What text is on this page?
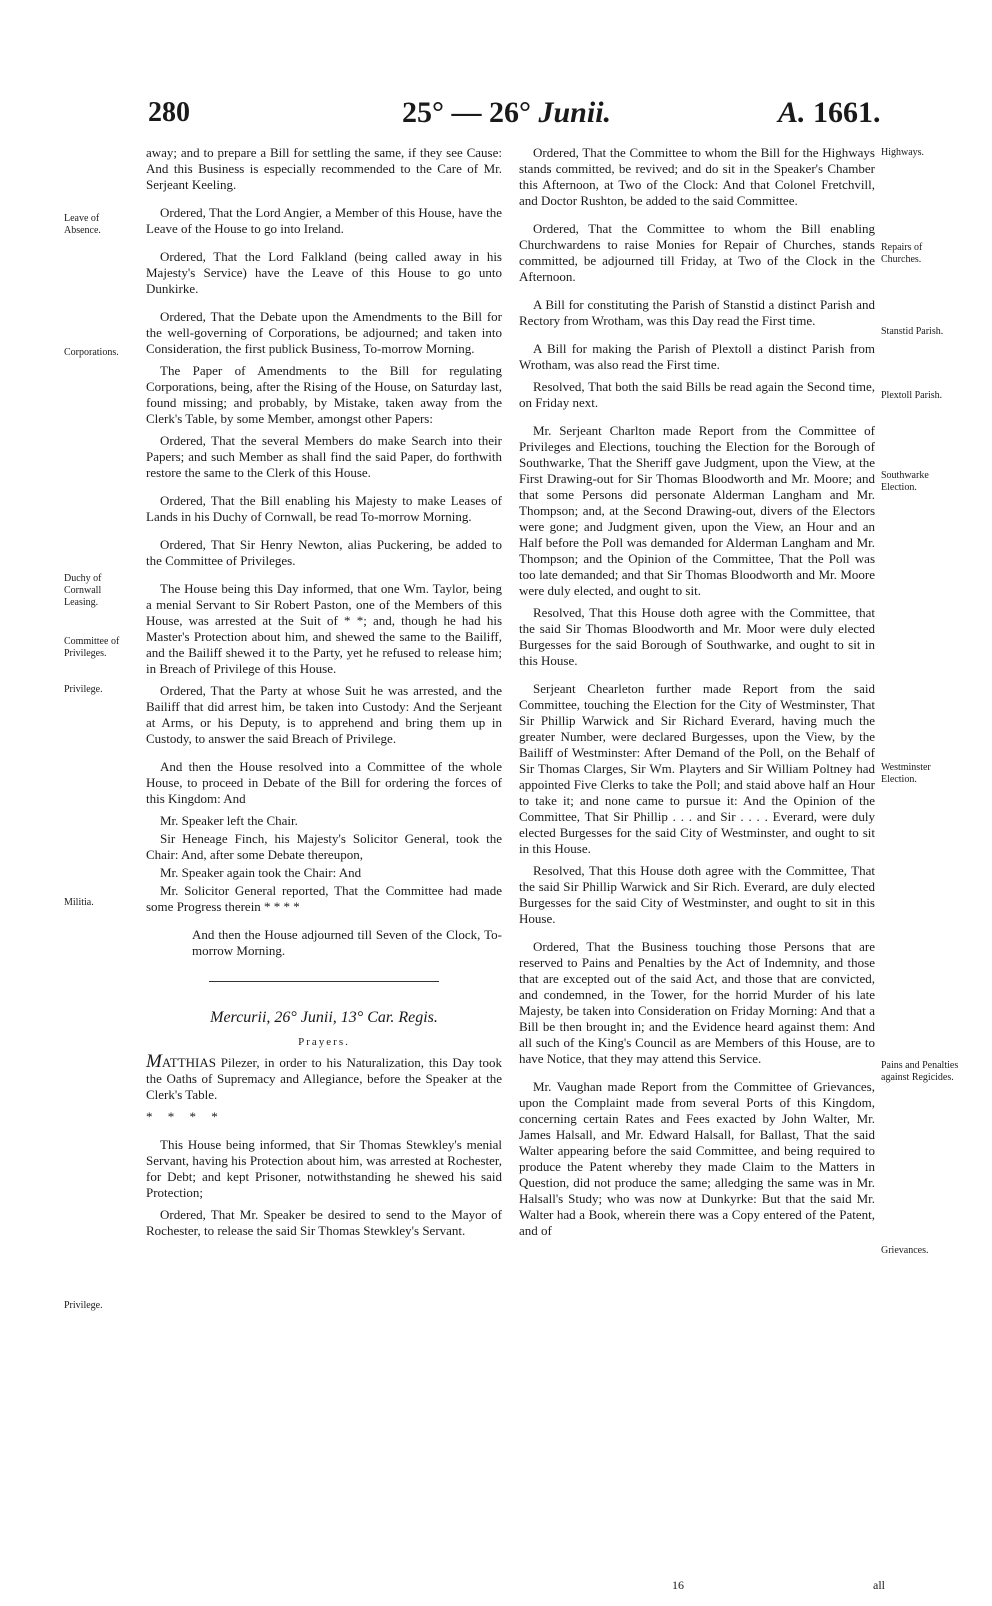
280	25° — 26° Junii.	A. 1661.
Leave of Absence.
Corporations.
Duchy of Cornwall Leasing.
Committee of Privileges.
Privilege.
Militia.
Privilege.
Highways.
Repairs of Churches.
Stanstid Parish.
Plextoll Parish.
Southwarke Election.
Westminster Election.
Pains and Penalties against Regicides.
Grievances.

away; and to prepare a Bill for settling the same, if they see Cause: And this Business is especially recommended to the Care of Mr. Serjeant Keeling.

Ordered, That the Lord Angier, a Member of this House, have the Leave of the House to go into Ireland.

Ordered, That the Lord Falkland (being called away in his Majesty's Service) have the Leave of this House to go unto Dunkirke.

Ordered, That the Debate upon the Amendments to the Bill for the well-governing of Corporations, be adjourned; and taken into Consideration, the first publick Business, To-morrow Morning.

The Paper of Amendments to the Bill for regulating Corporations, being, after the Rising of the House, on Saturday last, found missing; and probably, by Mistake, taken away from the Clerk's Table, by some Member, amongst other Papers:

Ordered, That the several Members do make Search into their Papers; and such Member as shall find the said Paper, do forthwith restore the same to the Clerk of this House.

Ordered, That the Bill enabling his Majesty to make Leases of Lands in his Duchy of Cornwall, be read To-morrow Morning.

Ordered, That Sir Henry Newton, alias Puckering, be added to the Committee of Privileges.

The House being this Day informed, that one Wm. Taylor, being a menial Servant to Sir Robert Paston, one of the Members of this House, was arrested at the Suit of * *; and, though he had his Master's Protection about him, and shewed the same to the Bailiff, and the Bailiff shewed it to the Party, yet he refused to release him; in Breach of Privilege of this House.

Ordered, That the Party at whose Suit he was arrested, and the Bailiff that did arrest him, be taken into Custody: And the Serjeant at Arms, or his Deputy, is to apprehend and bring them up in Custody, to answer the said Breach of Privilege.

And then the House resolved into a Committee of the whole House, to proceed in Debate of the Bill for ordering the forces of this Kingdom: And

Mr. Speaker left the Chair.

Sir Heneage Finch, his Majesty's Solicitor General, took the Chair: And, after some Debate thereupon,

Mr. Speaker again took the Chair: And

Mr. Solicitor General reported, That the Committee had made some Progress therein * * * *

And then the House adjourned till Seven of the Clock, To-morrow Morning.

Mercurii, 26° Junii, 13° Car. Regis.
Prayers.

MATTHIAS Pilezer, in order to his Naturalization, this Day took the Oaths of Supremacy and Allegiance, before the Speaker at the Clerk's Table.

* * * *

This House being informed, that Sir Thomas Stewkley's menial Servant, having his Protection about him, was arrested at Rochester, for Debt; and kept Prisoner, notwithstanding he shewed his said Protection;

Ordered, That Mr. Speaker be desired to send to the Mayor of Rochester, to release the said Sir Thomas Stewkley's Servant.

Ordered, That the Committee to whom the Bill for the Highways stands committed, be revived; and do sit in the Speaker's Chamber this Afternoon, at Two of the Clock: And that Colonel Fretchvill, and Doctor Rushton, be added to the said Committee.

Ordered, That the Committee to whom the Bill enabling Churchwardens to raise Monies for Repair of Churches, stands committed, be adjourned till Friday, at Two of the Clock in the Afternoon.

A Bill for constituting the Parish of Stanstid a distinct Parish and Rectory from Wrotham, was this Day read the First time.

A Bill for making the Parish of Plextoll a distinct Parish from Wrotham, was also read the First time.

Resolved, That both the said Bills be read again the Second time, on Friday next.

Mr. Serjeant Charlton made Report from the Committee of Privileges and Elections, touching the Election for the Borough of Southwarke, That the Sheriff gave Judgment, upon the View, at the First Drawing-out for Sir Thomas Bloodworth and Mr. Moore; and that some Persons did personate Alderman Langham and Mr. Thompson; and, at the Second Drawing-out, divers of the Electors were gone; and Judgment given, upon the View, an Hour and an Half before the Poll was demanded for Alderman Langham and Mr. Thompson; and the Opinion of the Committee, That the Poll was too late demanded; and that Sir Thomas Bloodworth and Mr. Moore were duly elected, and ought to sit.

Resolved, That this House doth agree with the Committee, that the said Sir Thomas Bloodworth and Mr. Moor were duly elected Burgesses for the said Borough of Southwarke, and ought to sit in this House.

Serjeant Chearleton further made Report from the said Committee, touching the Election for the City of Westminster, That Sir Phillip Warwick and Sir Richard Everard, having much the greater Number, were declared Burgesses, upon the View, by the Bailiff of Westminster: After Demand of the Poll, on the Behalf of Sir Thomas Clarges, Sir Wm. Playters and Sir William Poltney had appointed Five Clerks to take the Poll; and staid above half an Hour to take it; and none came to pursue it: And the Opinion of the Committee, That Sir Phillip . . . and Sir . . . . Everard, were duly elected Burgesses for the said City of Westminster, and ought to sit in this House.

Resolved, That this House doth agree with the Committee, That the said Sir Phillip Warwick and Sir Rich. Everard, are duly elected Burgesses for the said City of Westminster, and ought to sit in this House.

Ordered, That the Business touching those Persons that are reserved to Pains and Penalties by the Act of Indemnity, and those that are excepted out of the said Act, and those that are convicted, and condemned, in the Tower, for the horrid Murder of his late Majesty, be taken into Consideration on Friday Morning: And that a Bill be then brought in; and the Evidence heard against them: And all such of the King's Council as are Members of this House, are to have Notice, that they may attend this Service.

Mr. Vaughan made Report from the Committee of Grievances, upon the Complaint made from several Ports of this Kingdom, concerning certain Rates and Fees exacted by John Walter, Mr. James Halsall, and Mr. Edward Halsall, for Ballast, That the said Walter appearing before the said Committee, and being required to produce the Patent whereby they made Claim to the Matters in Question, did not produce the same; alledging the same was in Mr. Halsall's Study; who was now at Dunkyrke: But that the said Mr. Walter had a Book, wherein there was a Copy entered of the Patent, and of

16	all
